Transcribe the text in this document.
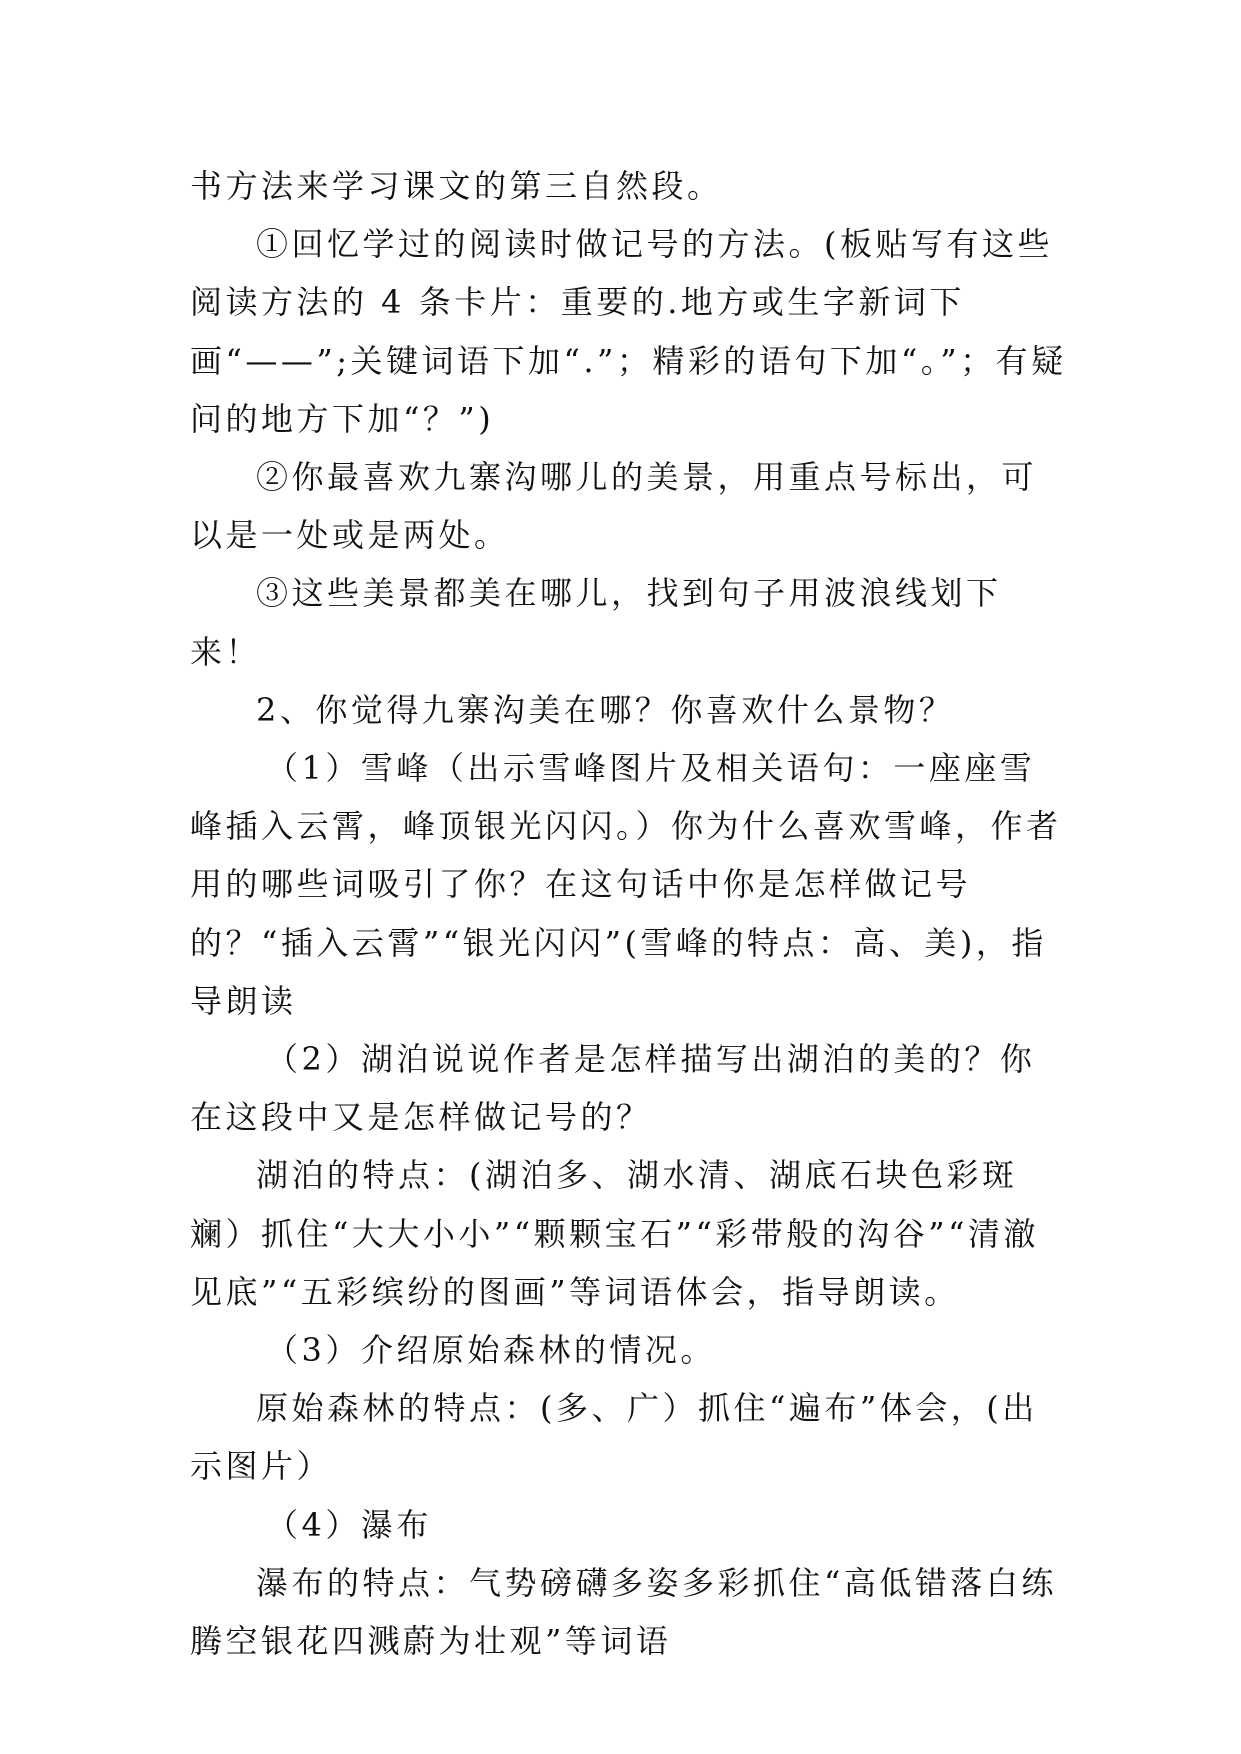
书方法来学习课文的第三自然段。

①回忆学过的阅读时做记号的方法。(板贴写有这些阅读方法的 4 条卡片：重要的.地方或生字新词下画“——”;关键词语下加“.”；精彩的语句下加“。”；有疑问的地方下加“？”)

②你最喜欢九寨沟哪儿的美景，用重点号标出，可以是一处或是两处。

③这些美景都美在哪儿，找到句子用波浪线划下来！

2、你觉得九寨沟美在哪？你喜欢什么景物？

（1）雪峰（出示雪峰图片及相关语句：一座座雪峰插入云霄，峰顶银光闪闪。）你为什么喜欢雪峰，作者用的哪些词吸引了你？在这句话中你是怎样做记号的？“插入云霄”“银光闪闪”(雪峰的特点：高、美)，指导朗读

（2）湖泊说说作者是怎样描写出湖泊的美的？你在这段中又是怎样做记号的？

湖泊的特点：(湖泊多、湖水清、湖底石块色彩斑斓）抓住“大大小小”“颗颗宝石”“彩带般的沟谷”“清澈见底”“五彩缤纷的图画”等词语体会，指导朗读。

（3）介绍原始森林的情况。

原始森林的特点：(多、广）抓住“遍布”体会，(出示图片）

（4）瀑布

瀑布的特点：气势磅礴多姿多彩抓住“高低错落白练腾空银花四溅蔚为壮观”等词语
